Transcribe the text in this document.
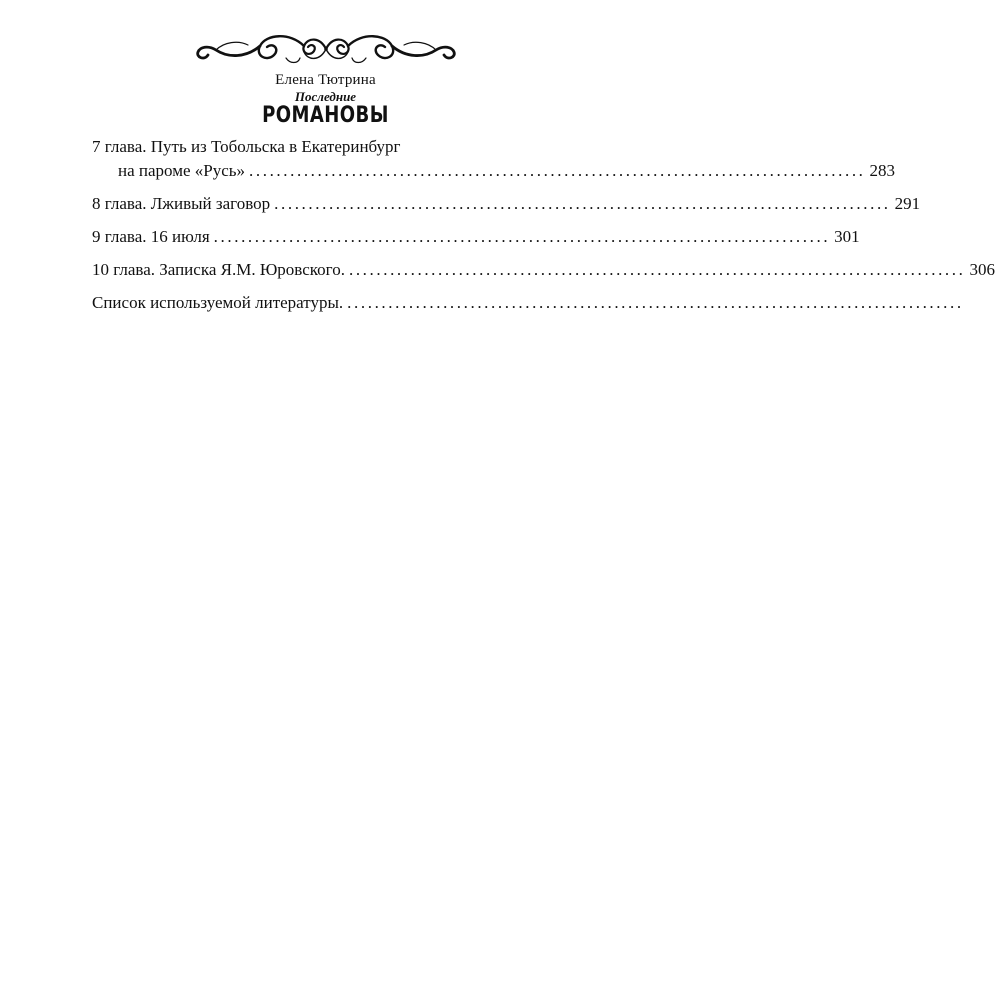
Елена Тютрина
Последние
РОМАНОВЫ
7 глава. Путь из Тобольска в Екатеринбург
на пароме «Русь» .......................................................................................... 283
8 глава. Лживый заговор .......................................................................................... 291
9 глава. 16 июля .......................................................................................... 301
10 глава. Записка Я.М. Юровского. .......................................................................................... 306
Список используемой литературы. ..........................................................................................
